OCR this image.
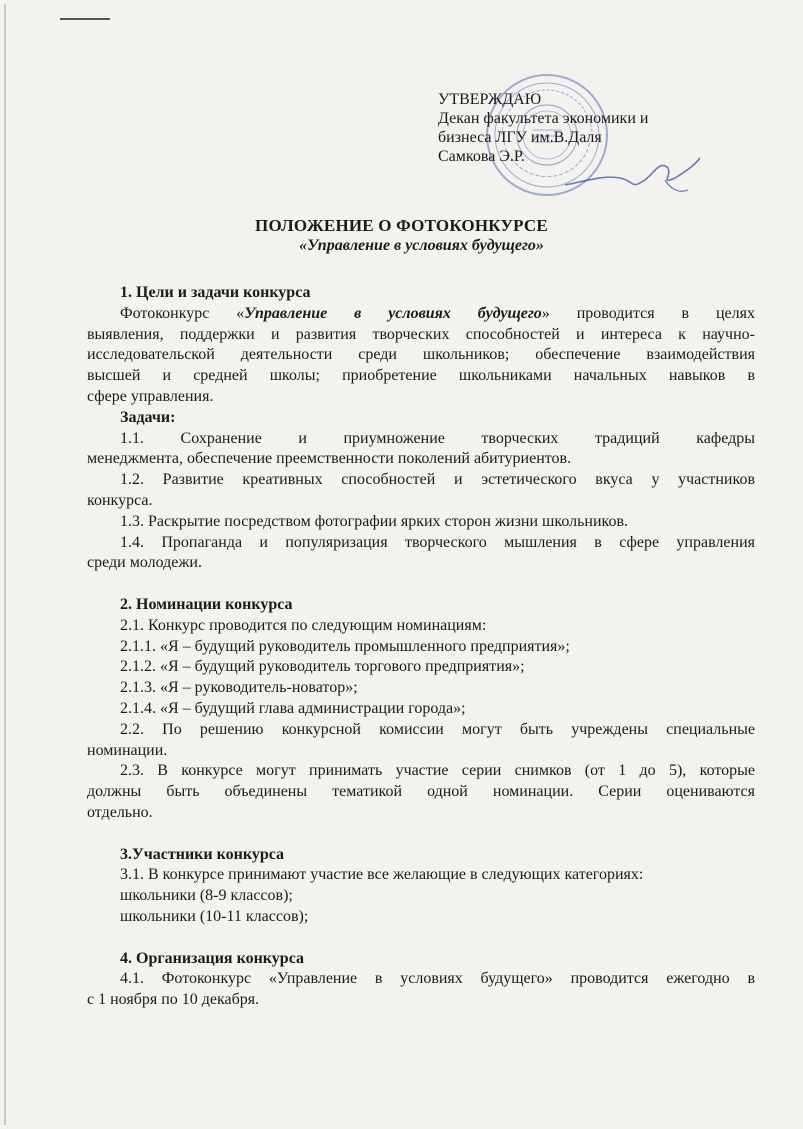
УТВЕРЖДАЮ
Декан факультета экономики и
бизнеса ЛГУ им.В.Даля
Самкова Э.Р.
ПОЛОЖЕНИЕ О ФОТОКОНКУРСЕ
«Управление в условиях будущего»
1. Цели и задачи конкурса
Фотоконкурс «Управление в условиях будущего» проводится в целях
выявления, поддержки и развития творческих способностей и интереса к научно-
исследовательской деятельности среди школьников; обеспечение взаимодействия
высшей и средней школы; приобретение школьниками начальных навыков в
сфере управления.
Задачи:
1.1. Сохранение и приумножение творческих традиций кафедры
менеджмента, обеспечение преемственности поколений абитуриентов.
1.2. Развитие креативных способностей и эстетического вкуса у участников
конкурса.
1.3. Раскрытие посредством фотографии ярких сторон жизни школьников.
1.4. Пропаганда и популяризация творческого мышления в сфере управления
среди молодежи.
2. Номинации конкурса
2.1. Конкурс проводится по следующим номинациям:
2.1.1. «Я – будущий руководитель промышленного предприятия»;
2.1.2. «Я – будущий руководитель торгового предприятия»;
2.1.3. «Я – руководитель-новатор»;
2.1.4. «Я – будущий глава администрации города»;
2.2. По решению конкурсной комиссии могут быть учреждены специальные
номинации.
2.3. В конкурсе могут принимать участие серии снимков (от 1 до 5), которые
должны быть объединены тематикой одной номинации. Серии оцениваются
отдельно.
3.Участники конкурса
3.1. В конкурсе принимают участие все желающие в следующих категориях:
школьники (8-9 классов);
школьники (10-11 классов);
4. Организация конкурса
4.1. Фотоконкурс «Управление в условиях будущего» проводится ежегодно в
с 1 ноября по 10 декабря.
